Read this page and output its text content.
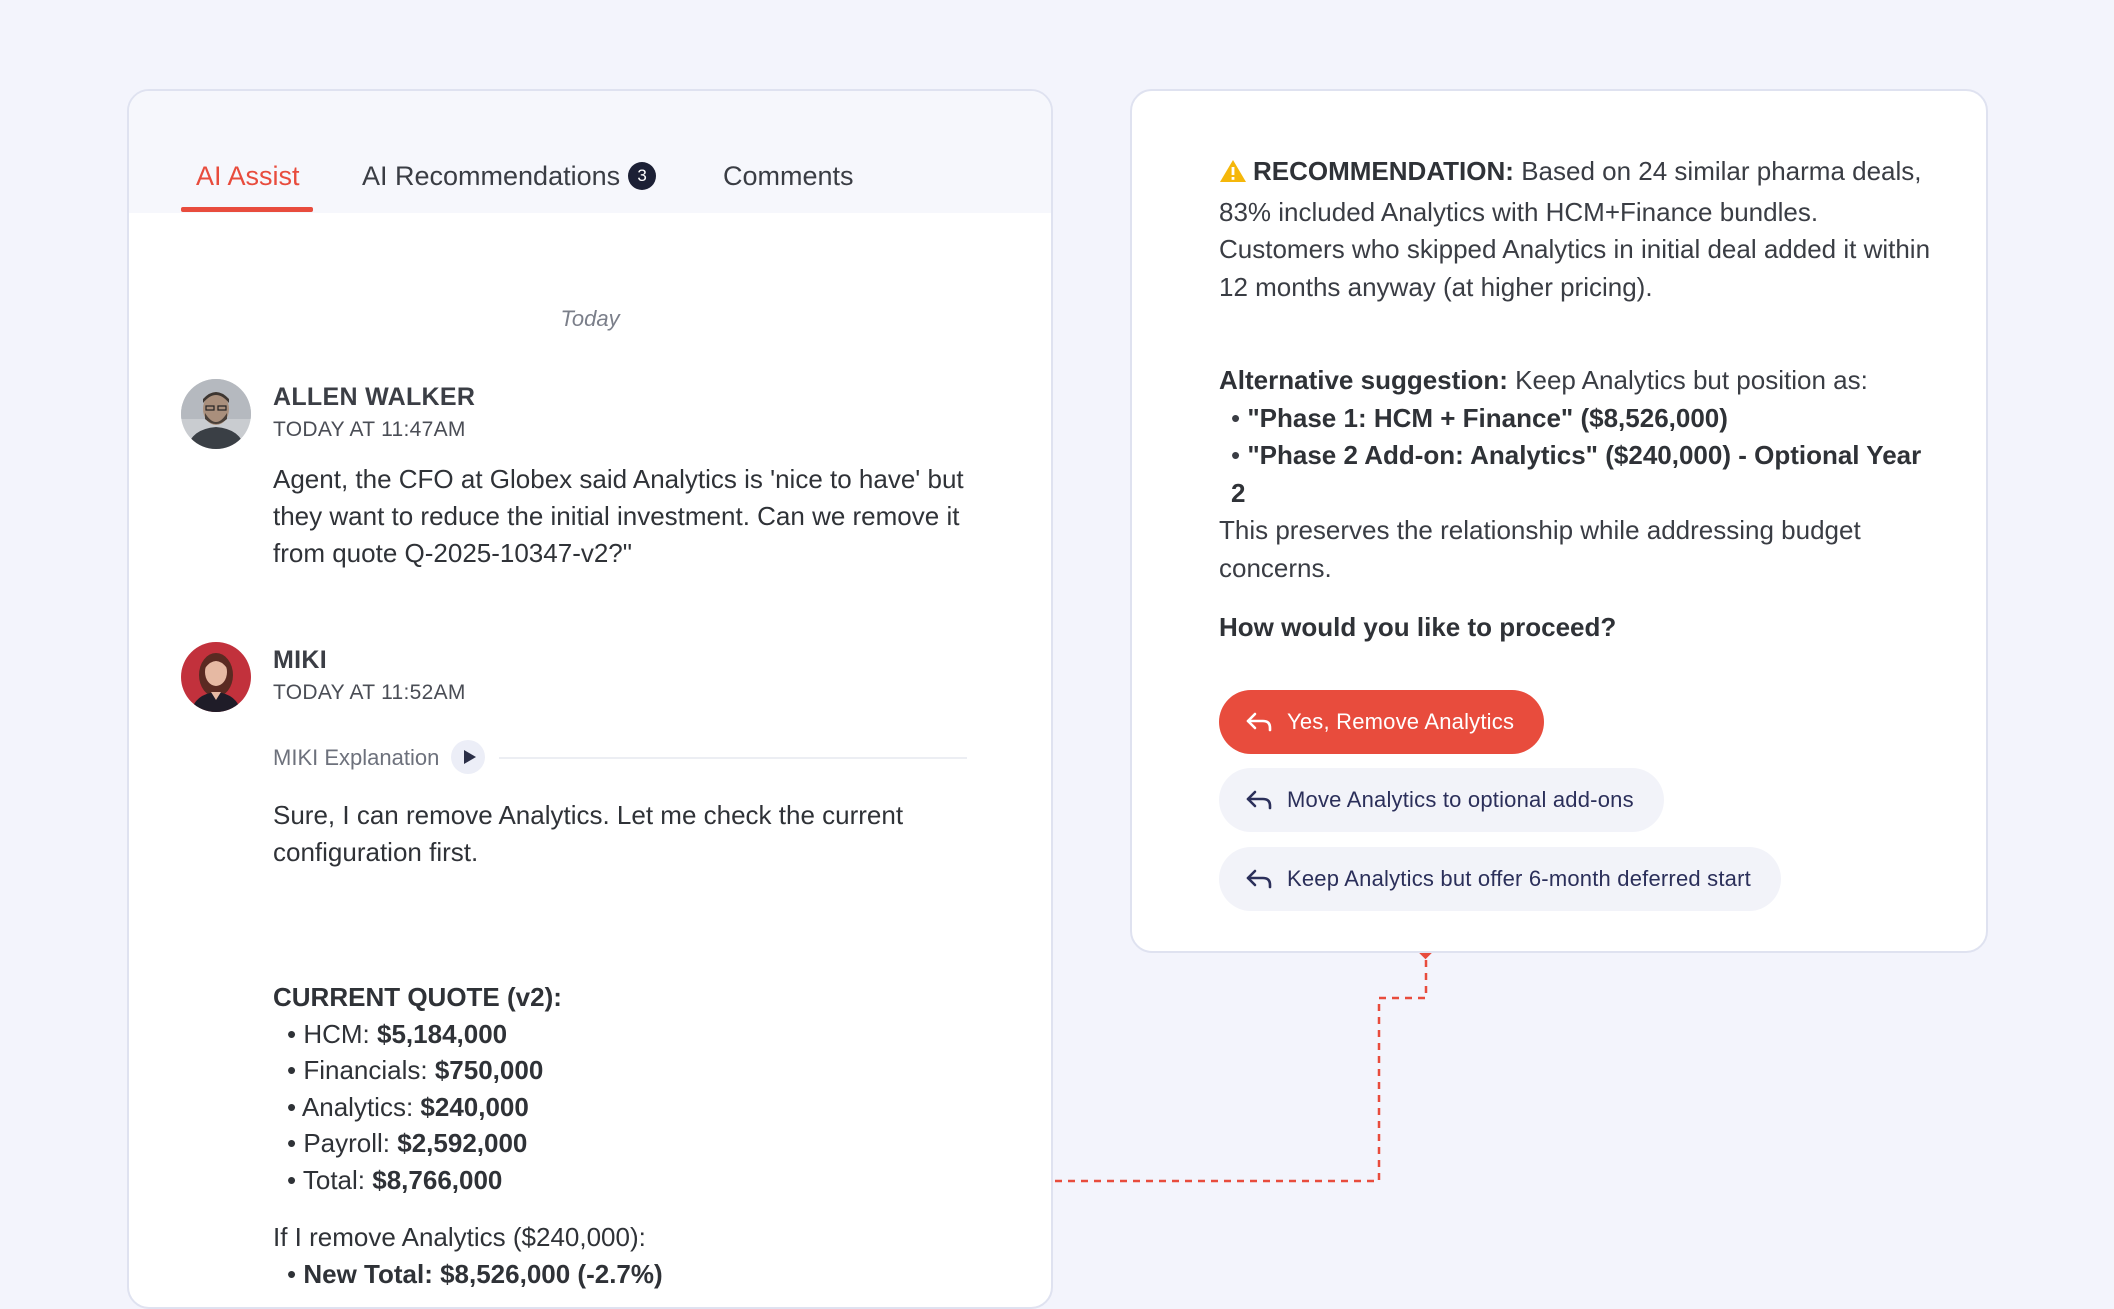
AI Assist AI Recommendations 3	Comments
Today
ALLEN WALKER
TODAY AT 11:47AM
Agent, the CFO at Globex said Analytics is 'nice to have' but they want to reduce the initial investment. Can we remove it from quote Q-2025-10347-v2?"
MIKI
TODAY AT 11:52AM
MIKI Explanation
Sure, I can remove Analytics. Let me check the current configuration first.
CURRENT QUOTE (v2):
• HCM: $5,184,000
• Financials: $750,000
• Analytics: $240,000
• Payroll: $2,592,000
• Total: $8,766,000
If I remove Analytics ($240,000):
• New Total: $8,526,000 (-2.7%)
RECOMMENDATION: Based on 24 similar pharma deals, 83% included Analytics with HCM+Finance bundles. Customers who skipped Analytics in initial deal added it within 12 months anyway (at higher pricing).
Alternative suggestion: Keep Analytics but position as:
• "Phase 1: HCM + Finance" ($8,526,000)
• "Phase 2 Add-on: Analytics" ($240,000) - Optional Year 2
This preserves the relationship while addressing budget concerns.
How would you like to proceed?
Yes, Remove Analytics
Move Analytics to optional add-ons
Keep Analytics but offer 6-month deferred start
